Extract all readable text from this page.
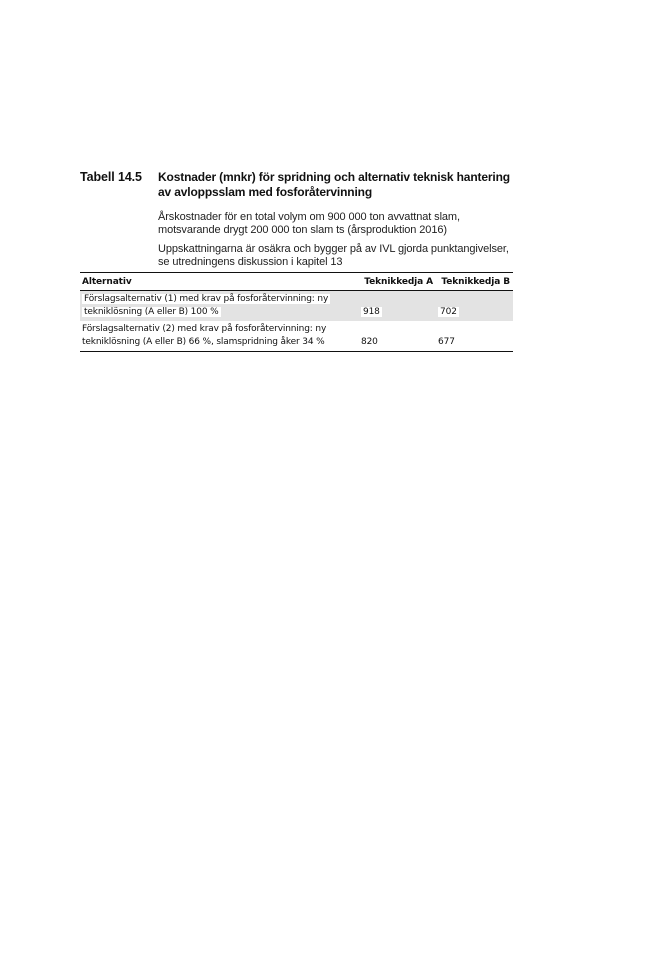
Tabell 14.5 Kostnader (mnkr) för spridning och alternativ teknisk hantering av avloppsslam med fosforåtervinning
Årskostnader för en total volym om 900 000 ton avvattnat slam, motsvarande drygt 200 000 ton slam ts (årsproduktion 2016)
Uppskattningarna är osäkra och bygger på av IVL gjorda punktangivelser, se utredningens diskussion i kapitel 13
Alternativ	Teknikkedja A	Teknikkedja B

Förslagsalternativ (1) med krav på fosforåtervinning: ny
tekniklösning (A eller B) 100 %	918	702

Förslagsalternativ (2) med krav på fosforåtervinning: ny
tekniklösning (A eller B) 66 %, slamspridning åker 34 %	820	677
